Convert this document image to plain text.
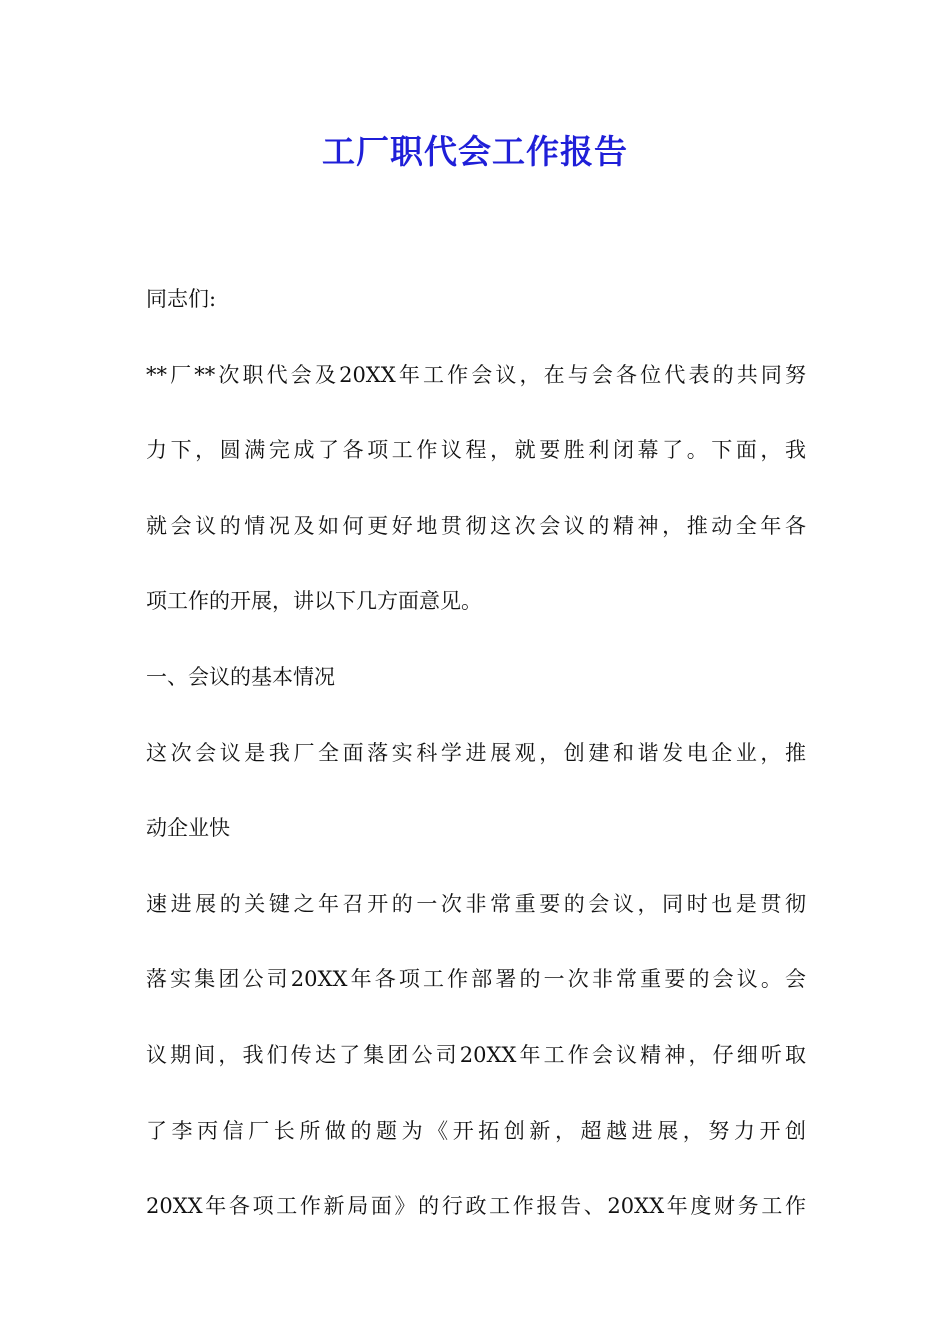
工厂职代会工作报告
同志们:
**厂**次职代会及20XX年工作会议，在与会各位代表的共同努
力下，圆满完成了各项工作议程，就要胜利闭幕了。下面，我
就会议的情况及如何更好地贯彻这次会议的精神，推动全年各
项工作的开展，讲以下几方面意见。
一、会议的基本情况
这次会议是我厂全面落实科学进展观，创建和谐发电企业，推
动企业快
速进展的关键之年召开的一次非常重要的会议，同时也是贯彻
落实集团公司20XX年各项工作部署的一次非常重要的会议。会
议期间，我们传达了集团公司20XX年工作会议精神，仔细听取
了李丙信厂长所做的题为《开拓创新，超越进展，努力开创
20XX年各项工作新局面》的行政工作报告、20XX年度财务工作
